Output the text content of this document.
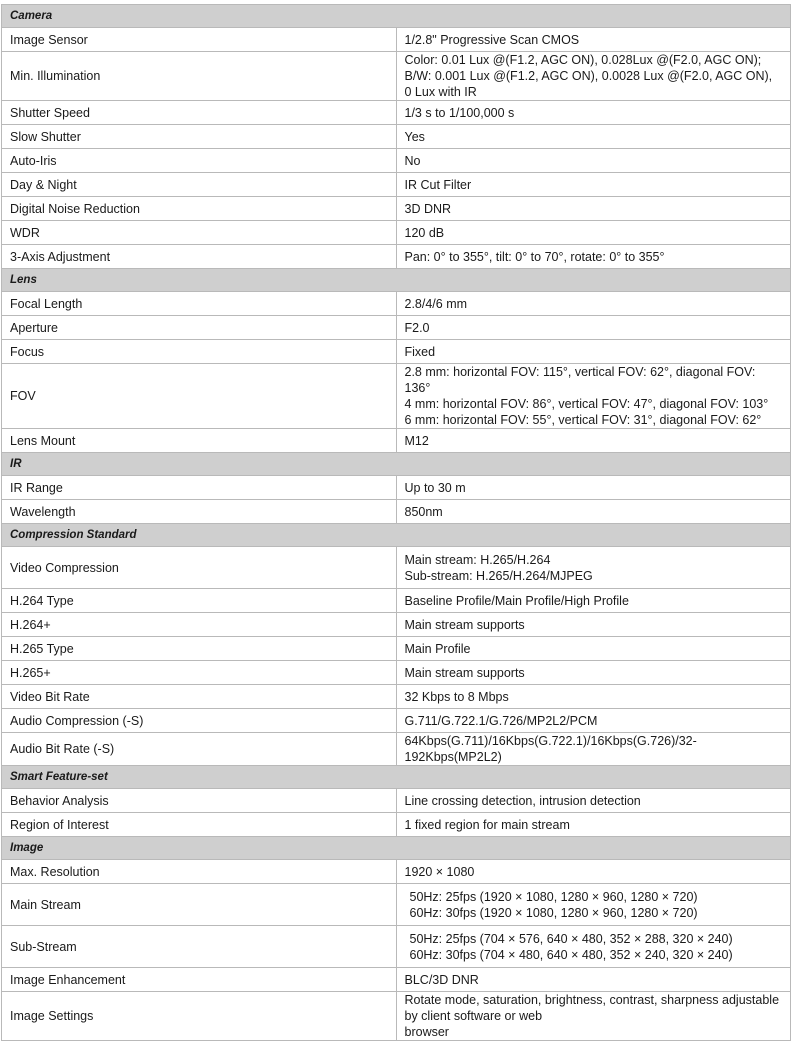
Camera	
Image Sensor	1/2.8" Progressive Scan CMOS

Min. Illumination	Color: 0.01 Lux @(F1.2, AGC ON), 0.028Lux @(F2.0, AGC ON);
B/W: 0.001 Lux @(F1.2, AGC ON), 0.0028 Lux @(F2.0, AGC ON), 0 Lux with IR

Shutter Speed	1/3 s to 1/100,000 s

Slow Shutter	Yes

Auto-Iris	No

Day & Night	IR Cut Filter

Digital Noise Reduction	3D DNR

WDR	120 dB

3-Axis Adjustment	Pan: 0° to 355°, tilt: 0° to 70°, rotate: 0° to 355°

Lens	
Focal Length	2.8/4/6 mm

Aperture	F2.0

Focus	Fixed

FOV	2.8 mm: horizontal FOV: 115°, vertical FOV: 62°, diagonal FOV: 136°
4 mm: horizontal FOV: 86°, vertical FOV: 47°, diagonal FOV: 103°
6 mm: horizontal FOV: 55°, vertical FOV: 31°, diagonal FOV: 62°

Lens Mount	M12

IR	
IR Range	Up to 30 m

Wavelength	850nm

Compression Standard	
Video Compression	Main stream: H.265/H.264
Sub-stream: H.265/H.264/MJPEG

H.264 Type	Baseline Profile/Main Profile/High Profile

H.264+	Main stream supports

H.265 Type	Main Profile

H.265+	Main stream supports

Video Bit Rate	32 Kbps to 8 Mbps

Audio Compression (-S)	G.711/G.722.1/G.726/MP2L2/PCM

Audio Bit Rate (-S)	64Kbps(G.711)/16Kbps(G.722.1)/16Kbps(G.726)/32-192Kbps(MP2L2)

Smart Feature-set	
Behavior Analysis	Line crossing detection, intrusion detection

Region of Interest	1 fixed region for main stream

Image	
Max. Resolution	1920 × 1080

Main Stream	50Hz: 25fps (1920 × 1080, 1280 × 960, 1280 × 720)
60Hz: 30fps (1920 × 1080, 1280 × 960, 1280 × 720)

Sub-Stream	50Hz: 25fps (704 × 576, 640 × 480, 352 × 288, 320 × 240)
60Hz: 30fps (704 × 480, 640 × 480, 352 × 240, 320 × 240)

Image Enhancement	BLC/3D DNR

Image Settings	Rotate mode, saturation, brightness, contrast, sharpness adjustable by client software or web
browser
